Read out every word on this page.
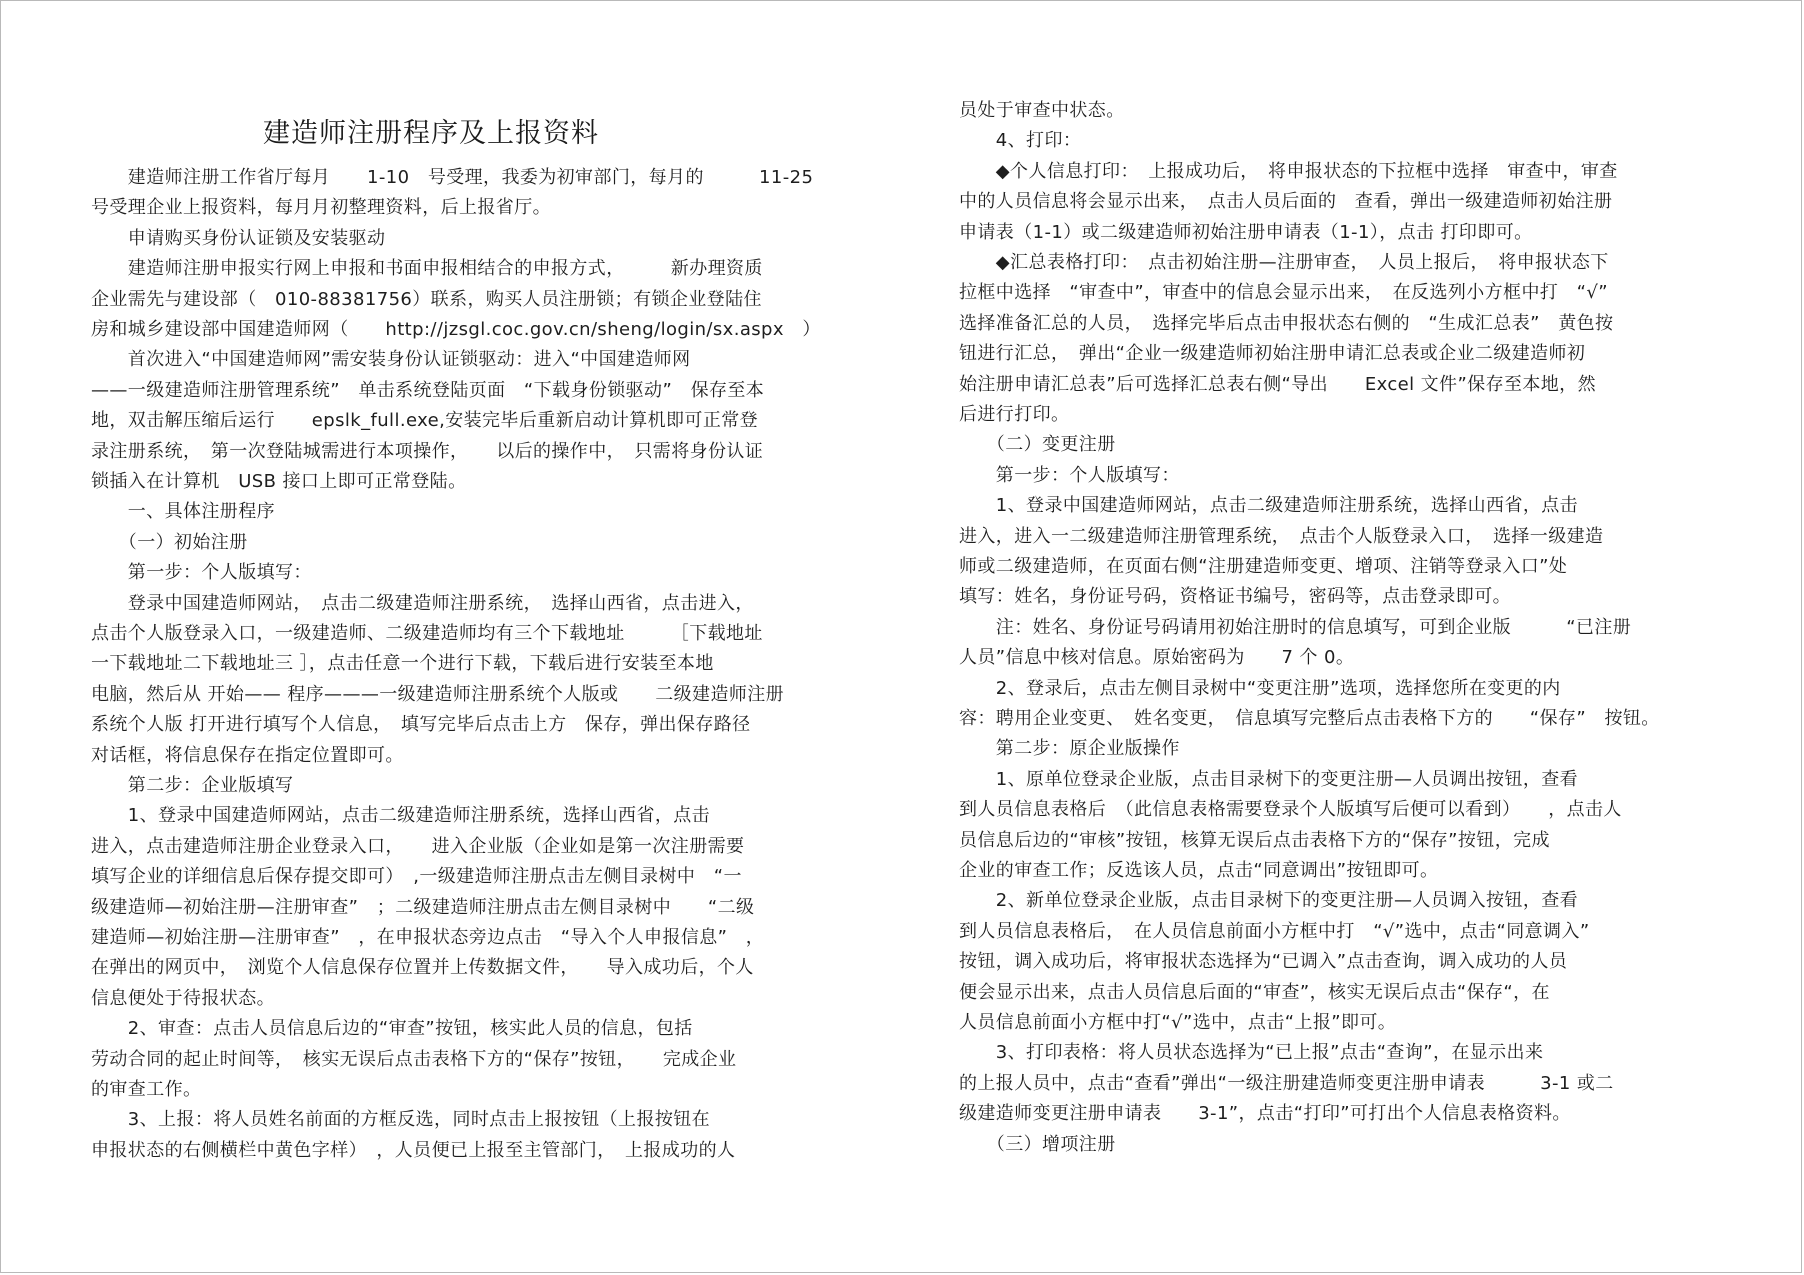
建造师注册程序及上报资料

　　建造师注册工作省厅每月　　1-10　号受理，我委为初审部门，每月的　　　11-25

号受理企业上报资料，每月月初整理资料，后上报省厅。

　　申请购买身份认证锁及安装驱动

　　建造师注册申报实行网上申报和书面申报相结合的申报方式，　　　新办理资质

企业需先与建设部（　010-88381756）联系，购买人员注册锁；有锁企业登陆住

房和城乡建设部中国建造师网（　　http://jzsgl.coc.gov.cn/sheng/login/sx.aspx　）

　　首次进入“中国建造师网”需安装身份认证锁驱动：进入“中国建造师网

——一级建造师注册管理系统”　单击系统登陆页面　“下载身份锁驱动”　保存至本

地，双击解压缩后运行　　epslk_full.exe,安装完毕后重新启动计算机即可正常登

录注册系统，　第一次登陆城需进行本项操作，　　以后的操作中，　只需将身份认证

锁插入在计算机　USB 接口上即可正常登陆。

　　一、具体注册程序

　　（一）初始注册

　　第一步：个人版填写：

　　登录中国建造师网站，　点击二级建造师注册系统，　选择山西省，点击进入，

点击个人版登录入口，一级建造师、二级建造师均有三个下载地址　　　［下载地址

一下载地址二下载地址三 ］，点击任意一个进行下载，下载后进行安装至本地

电脑，然后从 开始—— 程序———一级建造师注册系统个人版或　　二级建造师注册

系统个人版 打开进行填写个人信息，　填写完毕后点击上方　保存，弹出保存路径

对话框，将信息保存在指定位置即可。

　　第二步：企业版填写

　　1、登录中国建造师网站，点击二级建造师注册系统，选择山西省，点击

进入，点击建造师注册企业登录入口，　　进入企业版（企业如是第一次注册需要

填写企业的详细信息后保存提交即可）　,一级建造师注册点击左侧目录树中　“一

级建造师—初始注册—注册审查”　；二级建造师注册点击左侧目录树中　　“二级

建造师—初始注册—注册审查”　，在申报状态旁边点击　“导入个人申报信息”　，

在弹出的网页中，　浏览个人信息保存位置并上传数据文件，　　导入成功后，个人

信息便处于待报状态。

　　2、审查：点击人员信息后边的“审查”按钮，核实此人员的信息，包括

劳动合同的起止时间等，　核实无误后点击表格下方的“保存”按钮，　　完成企业

的审查工作。

　　3、上报：将人员姓名前面的方框反选，同时点击上报按钮（上报按钮在

申报状态的右侧横栏中黄色字样）　，人员便已上报至主管部门，　上报成功的人

员处于审查中状态。

　　4、打印：

　　◆个人信息打印：　上报成功后，　将申报状态的下拉框中选择　审查中，审查

中的人员信息将会显示出来，　点击人员后面的　查看，弹出一级建造师初始注册

申请表（1-1）或二级建造师初始注册申请表（1-1），点击 打印即可。

　　◆汇总表格打印：　点击初始注册—注册审查，　人员上报后，　将申报状态下

拉框中选择　“审查中”，审查中的信息会显示出来，　在反选列小方框中打　“√”

选择准备汇总的人员，　选择完毕后点击申报状态右侧的　“生成汇总表”　黄色按

钮进行汇总，　弹出“企业一级建造师初始注册申请汇总表或企业二级建造师初

始注册申请汇总表”后可选择汇总表右侧“导出　　Excel 文件”保存至本地，然

后进行打印。

　　（二）变更注册

　　第一步：个人版填写：

　　1、登录中国建造师网站，点击二级建造师注册系统，选择山西省，点击

进入，进入一二级建造师注册管理系统，　点击个人版登录入口，　选择一级建造

师或二级建造师，在页面右侧“注册建造师变更、增项、注销等登录入口”处

填写：姓名，身份证号码，资格证书编号，密码等，点击登录即可。

　　注：姓名、身份证号码请用初始注册时的信息填写，可到企业版　　　“已注册

人员”信息中核对信息。原始密码为　　7 个 0。

　　2、登录后，点击左侧目录树中“变更注册”选项，选择您所在变更的内

容：聘用企业变更、　姓名变更，　信息填写完整后点击表格下方的　　“保存”　按钮。

　　第二步：原企业版操作

　　1、原单位登录企业版，点击目录树下的变更注册—人员调出按钮，查看

到人员信息表格后　（此信息表格需要登录个人版填写后便可以看到）　　，点击人

员信息后边的“审核”按钮，核算无误后点击表格下方的“保存”按钮，完成

企业的审查工作；反选该人员，点击“同意调出”按钮即可。

　　2、新单位登录企业版，点击目录树下的变更注册—人员调入按钮，查看

到人员信息表格后，　在人员信息前面小方框中打　“√”选中，点击“同意调入”

按钮，调入成功后，将审报状态选择为“已调入”点击查询，调入成功的人员

便会显示出来，点击人员信息后面的“审查”，核实无误后点击“保存“，在

人员信息前面小方框中打“√”选中，点击“上报”即可。

　　3、打印表格：将人员状态选择为“已上报”点击“查询”，在显示出来

的上报人员中，点击“查看”弹出“一级注册建造师变更注册申请表　　　3-1 或二

级建造师变更注册申请表　　3-1”，点击“打印”可打出个人信息表格资料。

　　（三）增项注册
